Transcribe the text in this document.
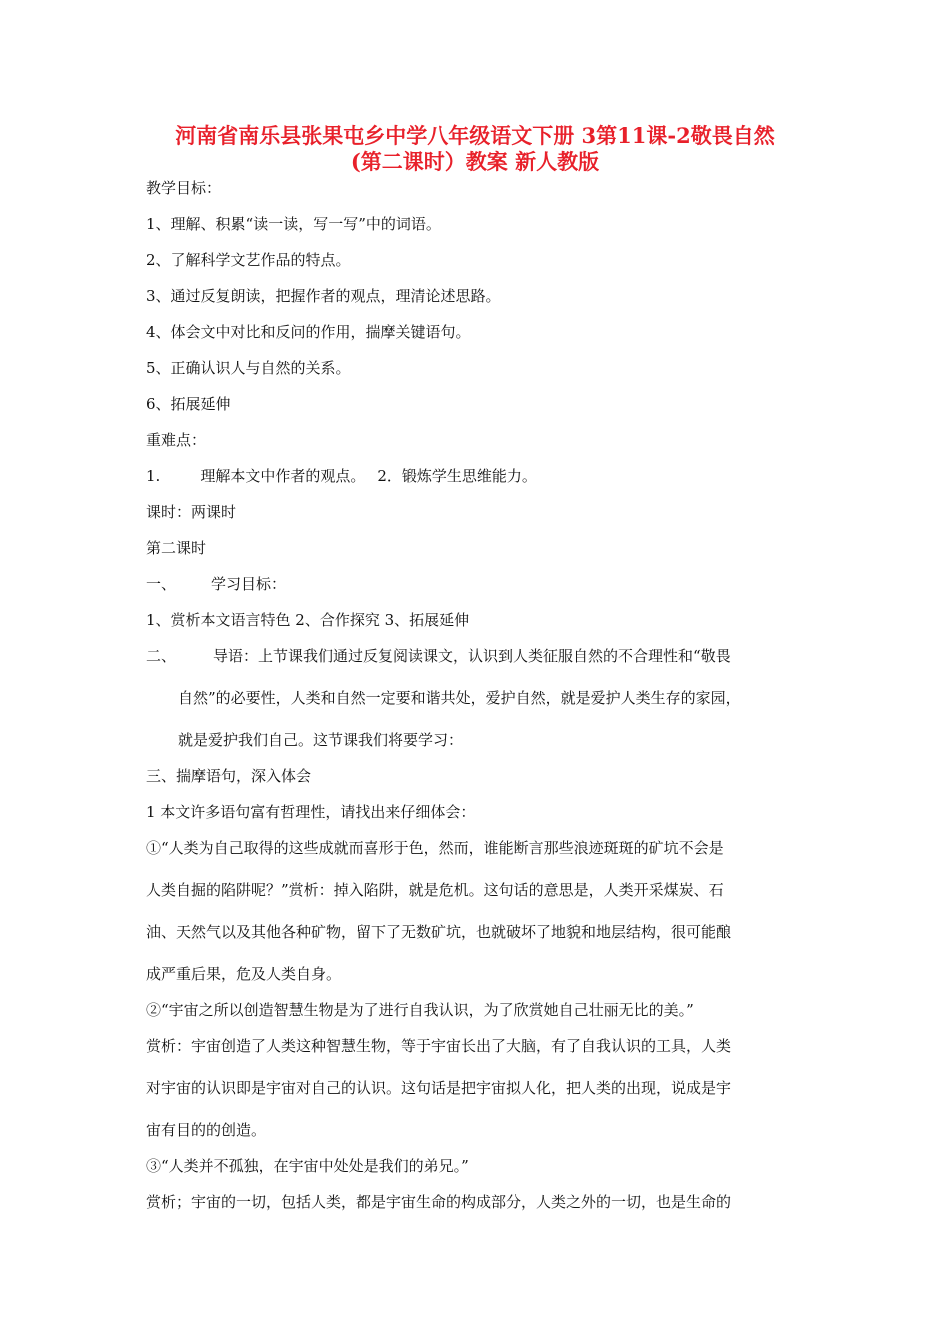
河南省南乐县张果屯乡中学八年级语文下册 3第11课-2敬畏自然
(第二课时）教案 新人教版
教学目标：
1、理解、积累“读一读，写一写”中的词语。
2、了解科学文艺作品的特点。
3、通过反复朗读，把握作者的观点，理清论述思路。
4、体会文中对比和反问的作用，揣摩关键语句。
5、正确认识人与自然的关系。
6、拓展延伸
重难点：
1.	理解本文中作者的观点。 2．锻炼学生思维能力。
课时：两课时
第二课时
一、 学习目标：
1、赏析本文语言特色 2、合作探究 3、拓展延伸
二、 导语：上节课我们通过反复阅读课文，认识到人类征服自然的不合理性和“敬畏
自然”的必要性，人类和自然一定要和谐共处，爱护自然，就是爱护人类生存的家园，
就是爱护我们自己。这节课我们将要学习：
三、揣摩语句，深入体会
1 本文许多语句富有哲理性，请找出来仔细体会：
①“人类为自己取得的这些成就而喜形于色，然而，谁能断言那些浪迹斑斑的矿坑不会是
人类自掘的陷阱呢？”赏析：掉入陷阱，就是危机。这句话的意思是，人类开采煤炭、石
油、天然气以及其他各种矿物，留下了无数矿坑，也就破坏了地貌和地层结构，很可能酿
成严重后果，危及人类自身。
②“宇宙之所以创造智慧生物是为了进行自我认识，为了欣赏她自己壮丽无比的美。”
赏析：宇宙创造了人类这种智慧生物，等于宇宙长出了大脑，有了自我认识的工具，人类
对宇宙的认识即是宇宙对自己的认识。这句话是把宇宙拟人化，把人类的出现，说成是宇
宙有目的的创造。
③“人类并不孤独，在宇宙中处处是我们的弟兄。”
赏析；宇宙的一切，包括人类，都是宇宙生命的构成部分，人类之外的一切，也是生命的
